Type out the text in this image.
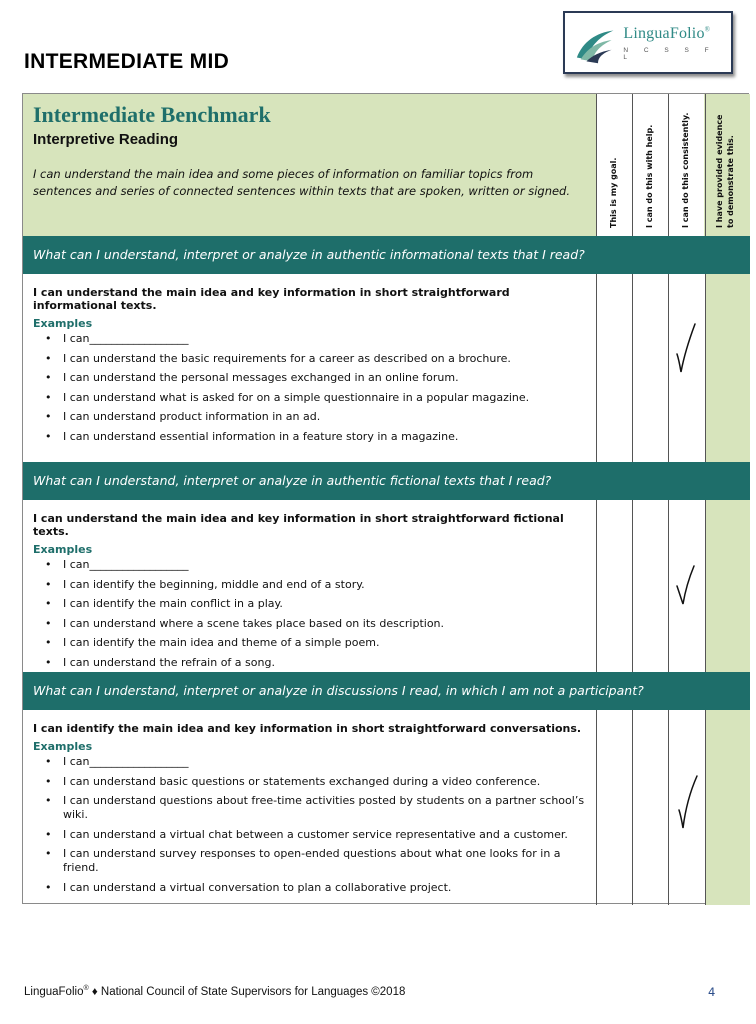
INTERMEDIATE MID
LinguaFolio®
N C S S F L
Intermediate Benchmark
Interpretive Reading
I can understand the main idea and some pieces of information on familiar topics from sentences and series of connected sentences within texts that are spoken, written or signed.	This is my goal.	I can do this with help.	I can do this consistently.	I have provided evidence to demonstrate this.
What can I understand, interpret or analyze in authentic informational texts that I read?
I can understand the main idea and key information in short straightforward informational texts.
Examples
• I can__________________
• I can understand the basic requirements for a career as described on a brochure.
• I can understand the personal messages exchanged in an online forum.
• I can understand what is asked for on a simple questionnaire in a popular magazine.
• I can understand product information in an ad.
• I can understand essential information in a feature story in a magazine.
What can I understand, interpret or analyze in authentic fictional texts that I read?
I can understand the main idea and key information in short straightforward fictional texts.
Examples
• I can__________________
• I can identify the beginning, middle and end of a story.
• I can identify the main conflict in a play.
• I can understand where a scene takes place based on its description.
• I can identify the main idea and theme of a simple poem.
• I can understand the refrain of a song.
What can I understand, interpret or analyze in discussions I read, in which I am not a participant?
I can identify the main idea and key information in short straightforward conversations.
Examples
• I can__________________
• I can understand basic questions or statements exchanged during a video conference.
• I can understand questions about free-time activities posted by students on a partner school’s wiki.
• I can understand a virtual chat between a customer service representative and a customer.
• I can understand survey responses to open-ended questions about what one looks for in a friend.
• I can understand a virtual conversation to plan a collaborative project.
LinguaFolio® ♦ National Council of State Supervisors for Languages ©2018	4
